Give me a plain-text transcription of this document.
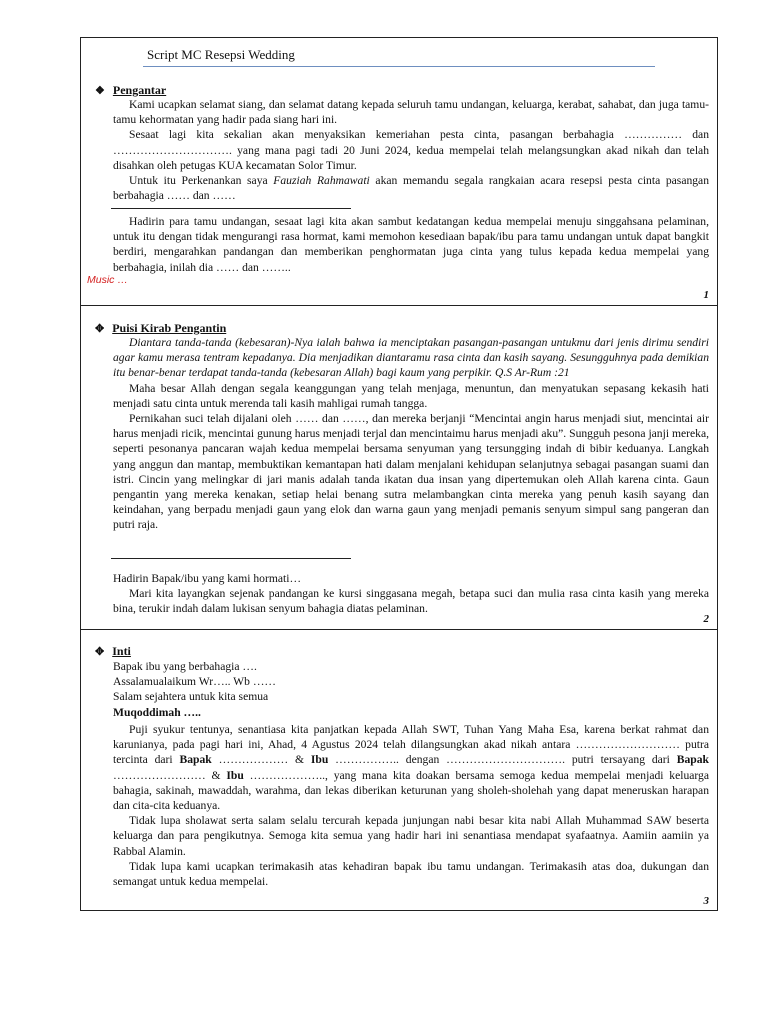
Script MC Resepsi Wedding
❖ Pengantar

Kami ucapkan selamat siang, dan selamat datang kepada seluruh tamu undangan, keluarga, kerabat, sahabat, dan juga tamu-tamu kehormatan yang hadir pada siang hari ini.

Sesaat lagi kita sekalian akan menyaksikan kemeriahan pesta cinta, pasangan berbahagia …………… dan …………………………. yang mana pagi tadi 20 Juni 2024, kedua mempelai telah melangsungkan akad nikah dan telah disahkan oleh petugas KUA kecamatan Solor Timur.

Untuk itu Perkenankan saya Fauziah Rahmawati akan memandu segala rangkaian acara resepsi pesta cinta pasangan berbahagia …… dan ……

Hadirin para tamu undangan, sesaat lagi kita akan sambut kedatangan kedua mempelai menuju singgahsana pelaminan, untuk itu dengan tidak mengurangi rasa hormat, kami memohon kesediaan bapak/ibu para tamu undangan untuk dapat bangkit berdiri, mengarahkan pandangan dan memberikan penghormatan juga cinta yang tulus kepada kedua mempelai yang berbahagia, inilah dia …… dan ……..

Music …
1
✥ Puisi Kirab Pengantin

Diantara tanda-tanda (kebesaran)-Nya ialah bahwa ia menciptakan pasangan-pasangan untukmu dari jenis dirimu sendiri agar kamu merasa tentram kepadanya. Dia menjadikan diantaramu rasa cinta dan kasih sayang. Sesungguhnya pada demikian itu benar-benar terdapat tanda-tanda (kebesaran Allah) bagi kaum yang perpikir. Q.S Ar-Rum :21

Maha besar Allah dengan segala keanggungan yang telah menjaga, menuntun, dan menyatukan sepasang kekasih hati menjadi satu cinta untuk merenda tali kasih mahligai rumah tangga.

Pernikahan suci telah dijalani oleh …… dan ……, dan mereka berjanji “Mencintai angin harus menjadi siut, mencintai air harus menjadi ricik, mencintai gunung harus menjadi terjal dan mencintaimu harus menjadi aku”. Sungguh pesona janji mereka, seperti pesonanya pancaran wajah kedua mempelai bersama senyuman yang tersungging indah di bibir keduanya. Langkah yang anggun dan mantap, membuktikan kemantapan hati dalam menjalani kehidupan selanjutnya sebagai pasangan suami dan istri. Cincin yang melingkar di jari manis adalah tanda ikatan dua insan yang dipertemukan oleh Allah karena cinta. Gaun pengantin yang mereka kenakan, setiap helai benang sutra melambangkan cinta mereka yang penuh kasih sayang dan keindahan, yang berpadu menjadi gaun yang elok dan warna gaun yang menjadi pemanis senyum simpul sang pangeran dan putri raja.

Hadirin Bapak/ibu yang kami hormati…

Mari kita layangkan sejenak pandangan ke kursi singgasana megah, betapa suci dan mulia rasa cinta kasih yang mereka bina, terukir indah dalam lukisan senyum bahagia diatas pelaminan.

2
✥ Inti
Bapak ibu yang berbahagia ….
Assalamualaikum Wr….. Wb ……
Salam sejahtera untuk kita semua
Muqoddimah …..

Puji syukur tentunya, senantiasa kita panjatkan kepada Allah SWT, Tuhan Yang Maha Esa, karena berkat rahmat dan karunianya, pada pagi hari ini, Ahad, 4 Agustus 2024 telah dilangsungkan akad nikah antara ……………………… putra tercinta dari Bapak ……………… & Ibu …………….. dengan …………………………. putri tersayang dari Bapak …………………… & Ibu ……………….., yang mana kita doakan bersama semoga kedua mempelai menjadi keluarga bahagia, sakinah, mawaddah, warahma, dan lekas diberikan keturunan yang sholeh-sholehah yang dapat meneruskan harapan dan cita-cita keduanya.

Tidak lupa sholawat serta salam selalu tercurah kepada junjungan nabi besar kita nabi Allah Muhammad SAW beserta keluarga dan para pengikutnya. Semoga kita semua yang hadir hari ini senantiasa mendapat syafaatnya. Aamiin aamiin ya Rabbal Alamin.

Tidak lupa kami ucapkan terimakasih atas kehadiran bapak ibu tamu undangan. Terimakasih atas doa, dukungan dan semangat untuk kedua mempelai.

3
